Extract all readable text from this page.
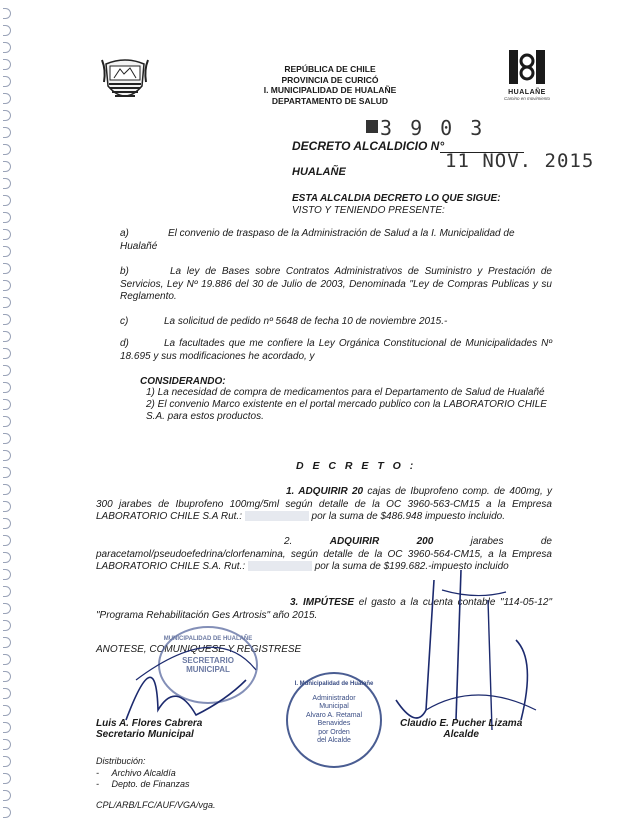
REPÚBLICA DE CHILE
PROVINCIA DE CURICÓ
I. MUNICIPALIDAD DE HUALAÑE
DEPARTAMENTO DE SALUD
HUALAÑE
Camino en movimiento
3 9 0 3
DECRETO ALCALDICIO N°
11 NOV. 2015
HUALAÑE
ESTA ALCALDIA DECRETO LO QUE SIGUE:
VISTO Y TENIENDO PRESENTE:
a)	El convenio de traspaso de la Administración de Salud a la I. Municipalidad de Hualañé
b)	La ley de Bases sobre Contratos Administrativos de Suministro y Prestación de Servicios, Ley Nº 19.886 del 30 de Julio de 2003, Denominada "Ley de Compras Publicas y su Reglamento.
c)	La solicitud de pedido nº 5648 de fecha 10 de noviembre 2015.-
d)	La facultades que me confiere la Ley Orgánica Constitucional de Municipalidades Nº 18.695 y sus modificaciones he acordado, y
CONSIDERANDO:
1) La necesidad de compra de medicamentos para el Departamento de Salud de Hualañé
2) El convenio Marco existente en el portal mercado publico con la LABORATORIO CHILE S.A. para estos productos.
D E C R E T O :
1. ADQUIRIR 20 cajas de Ibuprofeno comp. de 400mg, y 300 jarabes de Ibuprofeno 100mg/5ml según detalle de la OC 3960-563-CM15 a la Empresa LABORATORIO CHILE S.A Rut.:	por la suma de $486.948 impuesto incluido.
2.	ADQUIRIR	200	jarabes	de
paracetamol/pseudoefedrina/clorfenamina, según detalle de la OC 3960-564-CM15, a la Empresa LABORATORIO CHILE S.A. Rut.:	por la suma de $199.682.-impuesto incluido
3. IMPÚTESE el gasto a la cuenta contable "114-05-12" "Programa Rehabilitación Ges Artrosis" año 2015.
ANOTESE, COMUNIQUESE Y REGISTRESE
MUNICIPALIDAD DE HUALAÑE
SECRETARIO
MUNICIPAL
I. Municipalidad de Hualañe
Administrador
Municipal
Alvaro A. Retamal
Benavides
por Orden
del Alcalde
Luis A. Flores Cabrera
Secretario Municipal
Claudio E. Pucher Lizama
Alcalde
Distribución:
-     Archivo Alcaldía
-     Depto. de Finanzas
CPL/ARB/LFC/AUF/VGA/vga.
